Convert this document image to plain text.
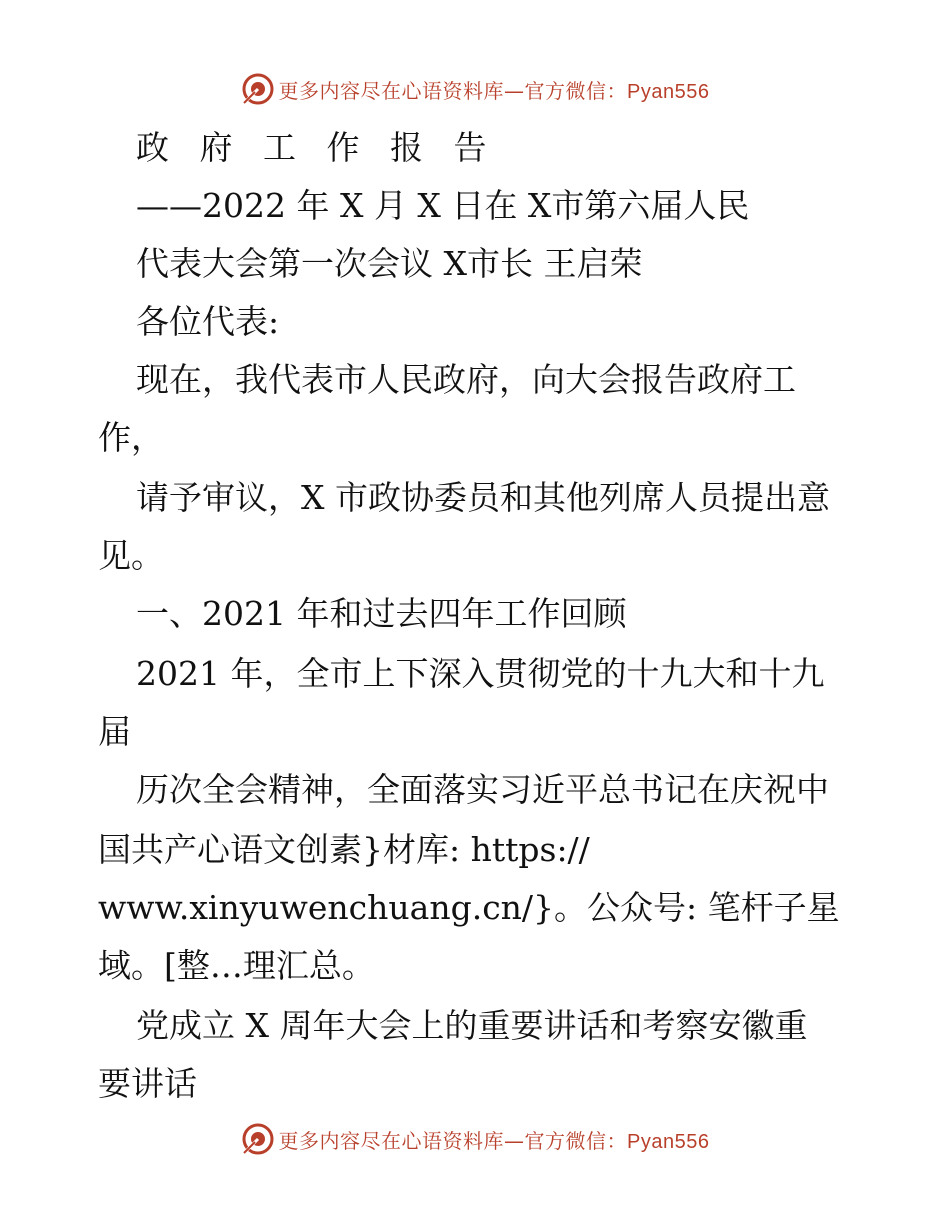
更多内容尽在心语资料库—官方微信：Pyan556
政 府 工 作 报 告
——2022 年 X 月 X 日在 X市第六届人民
代表大会第一次会议 X市长 王启荣
各位代表:
现在，我代表市人民政府，向大会报告政府工
作，
请予审议，X 市政协委员和其他列席人员提出意
见。
一、2021 年和过去四年工作回顾
2021 年，全市上下深入贯彻党的十九大和十九
届
历次全会精神，全面落实习近平总书记在庆祝中
国共产心语文创素}材库: https://
www.xinyuwenchuang.cn/}。公众号: 笔杆子星
域。[整…理汇总。
党成立 X 周年大会上的重要讲话和考察安徽重
要讲话
更多内容尽在心语资料库—官方微信：Pyan556
